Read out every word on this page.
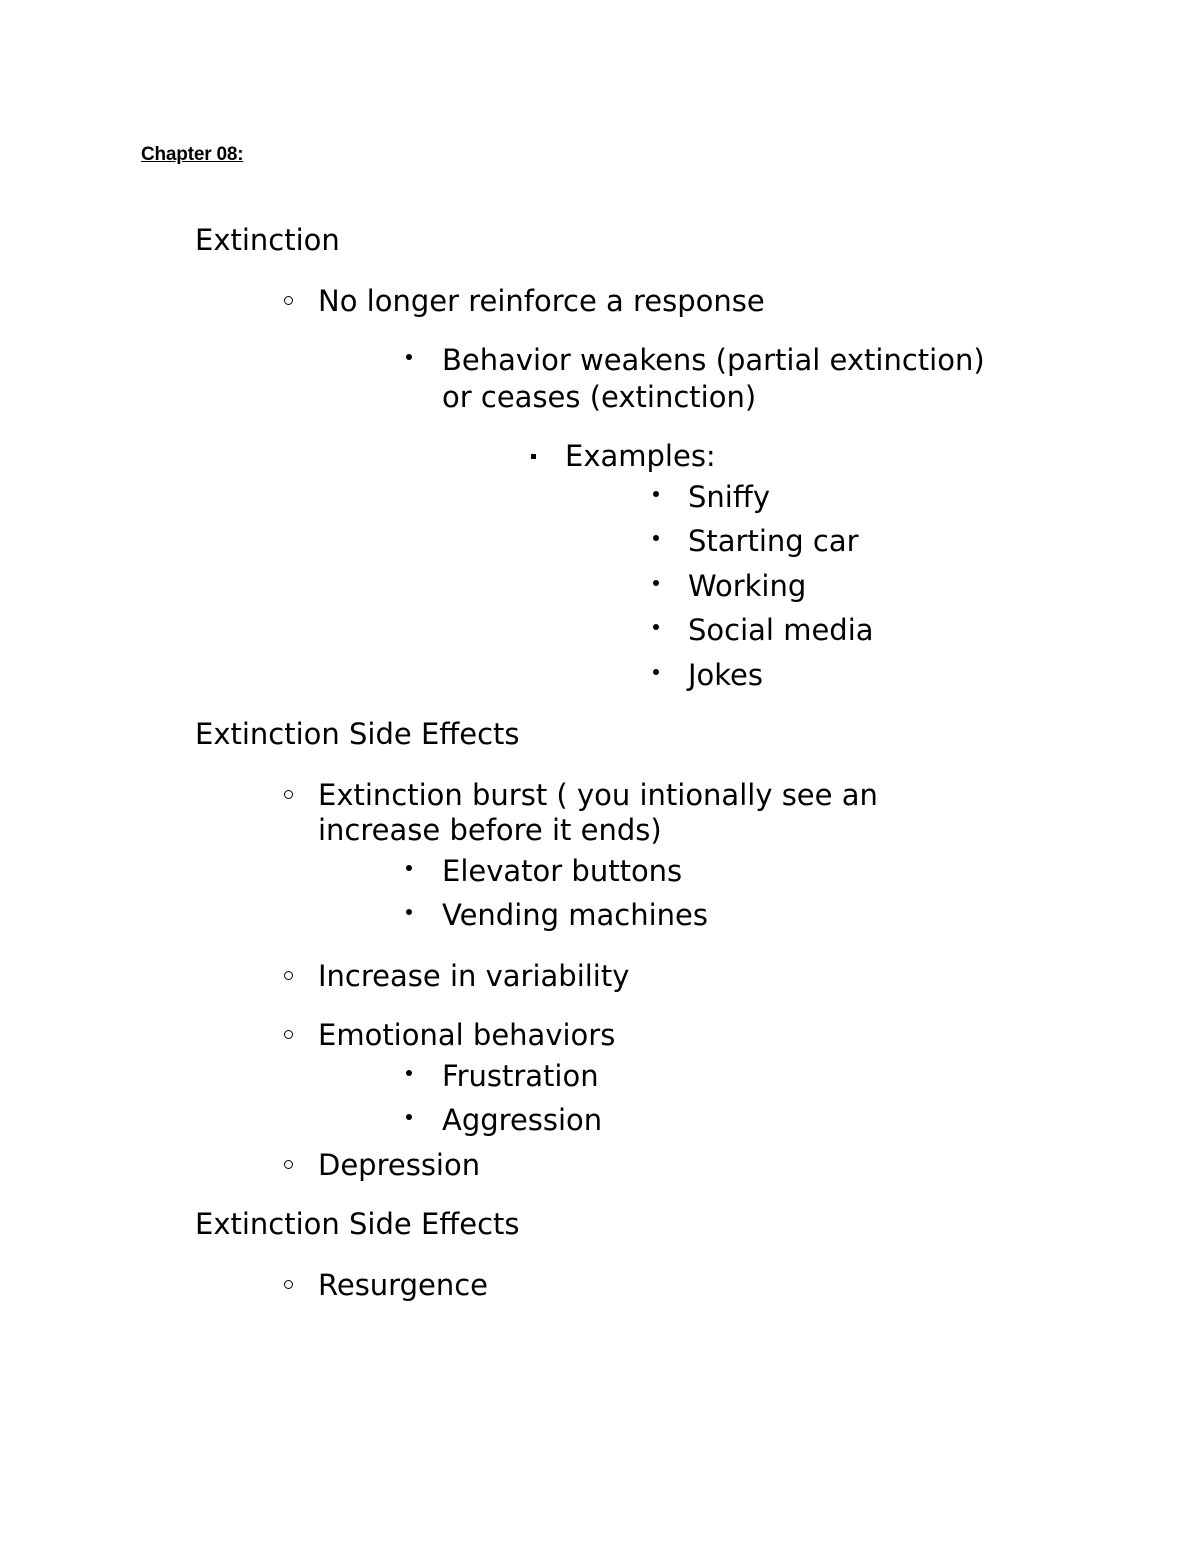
Chapter 08:
Extinction
No longer reinforce a response
Behavior weakens (partial extinction)
or ceases (extinction)
Examples:
Sniffy
Starting car
Working
Social media
Jokes
Extinction Side Effects
Extinction burst ( you intionally see an
increase before it ends)
Elevator buttons
Vending machines
Increase in variability
Emotional behaviors
Frustration
Aggression
Depression
Extinction Side Effects
Resurgence
